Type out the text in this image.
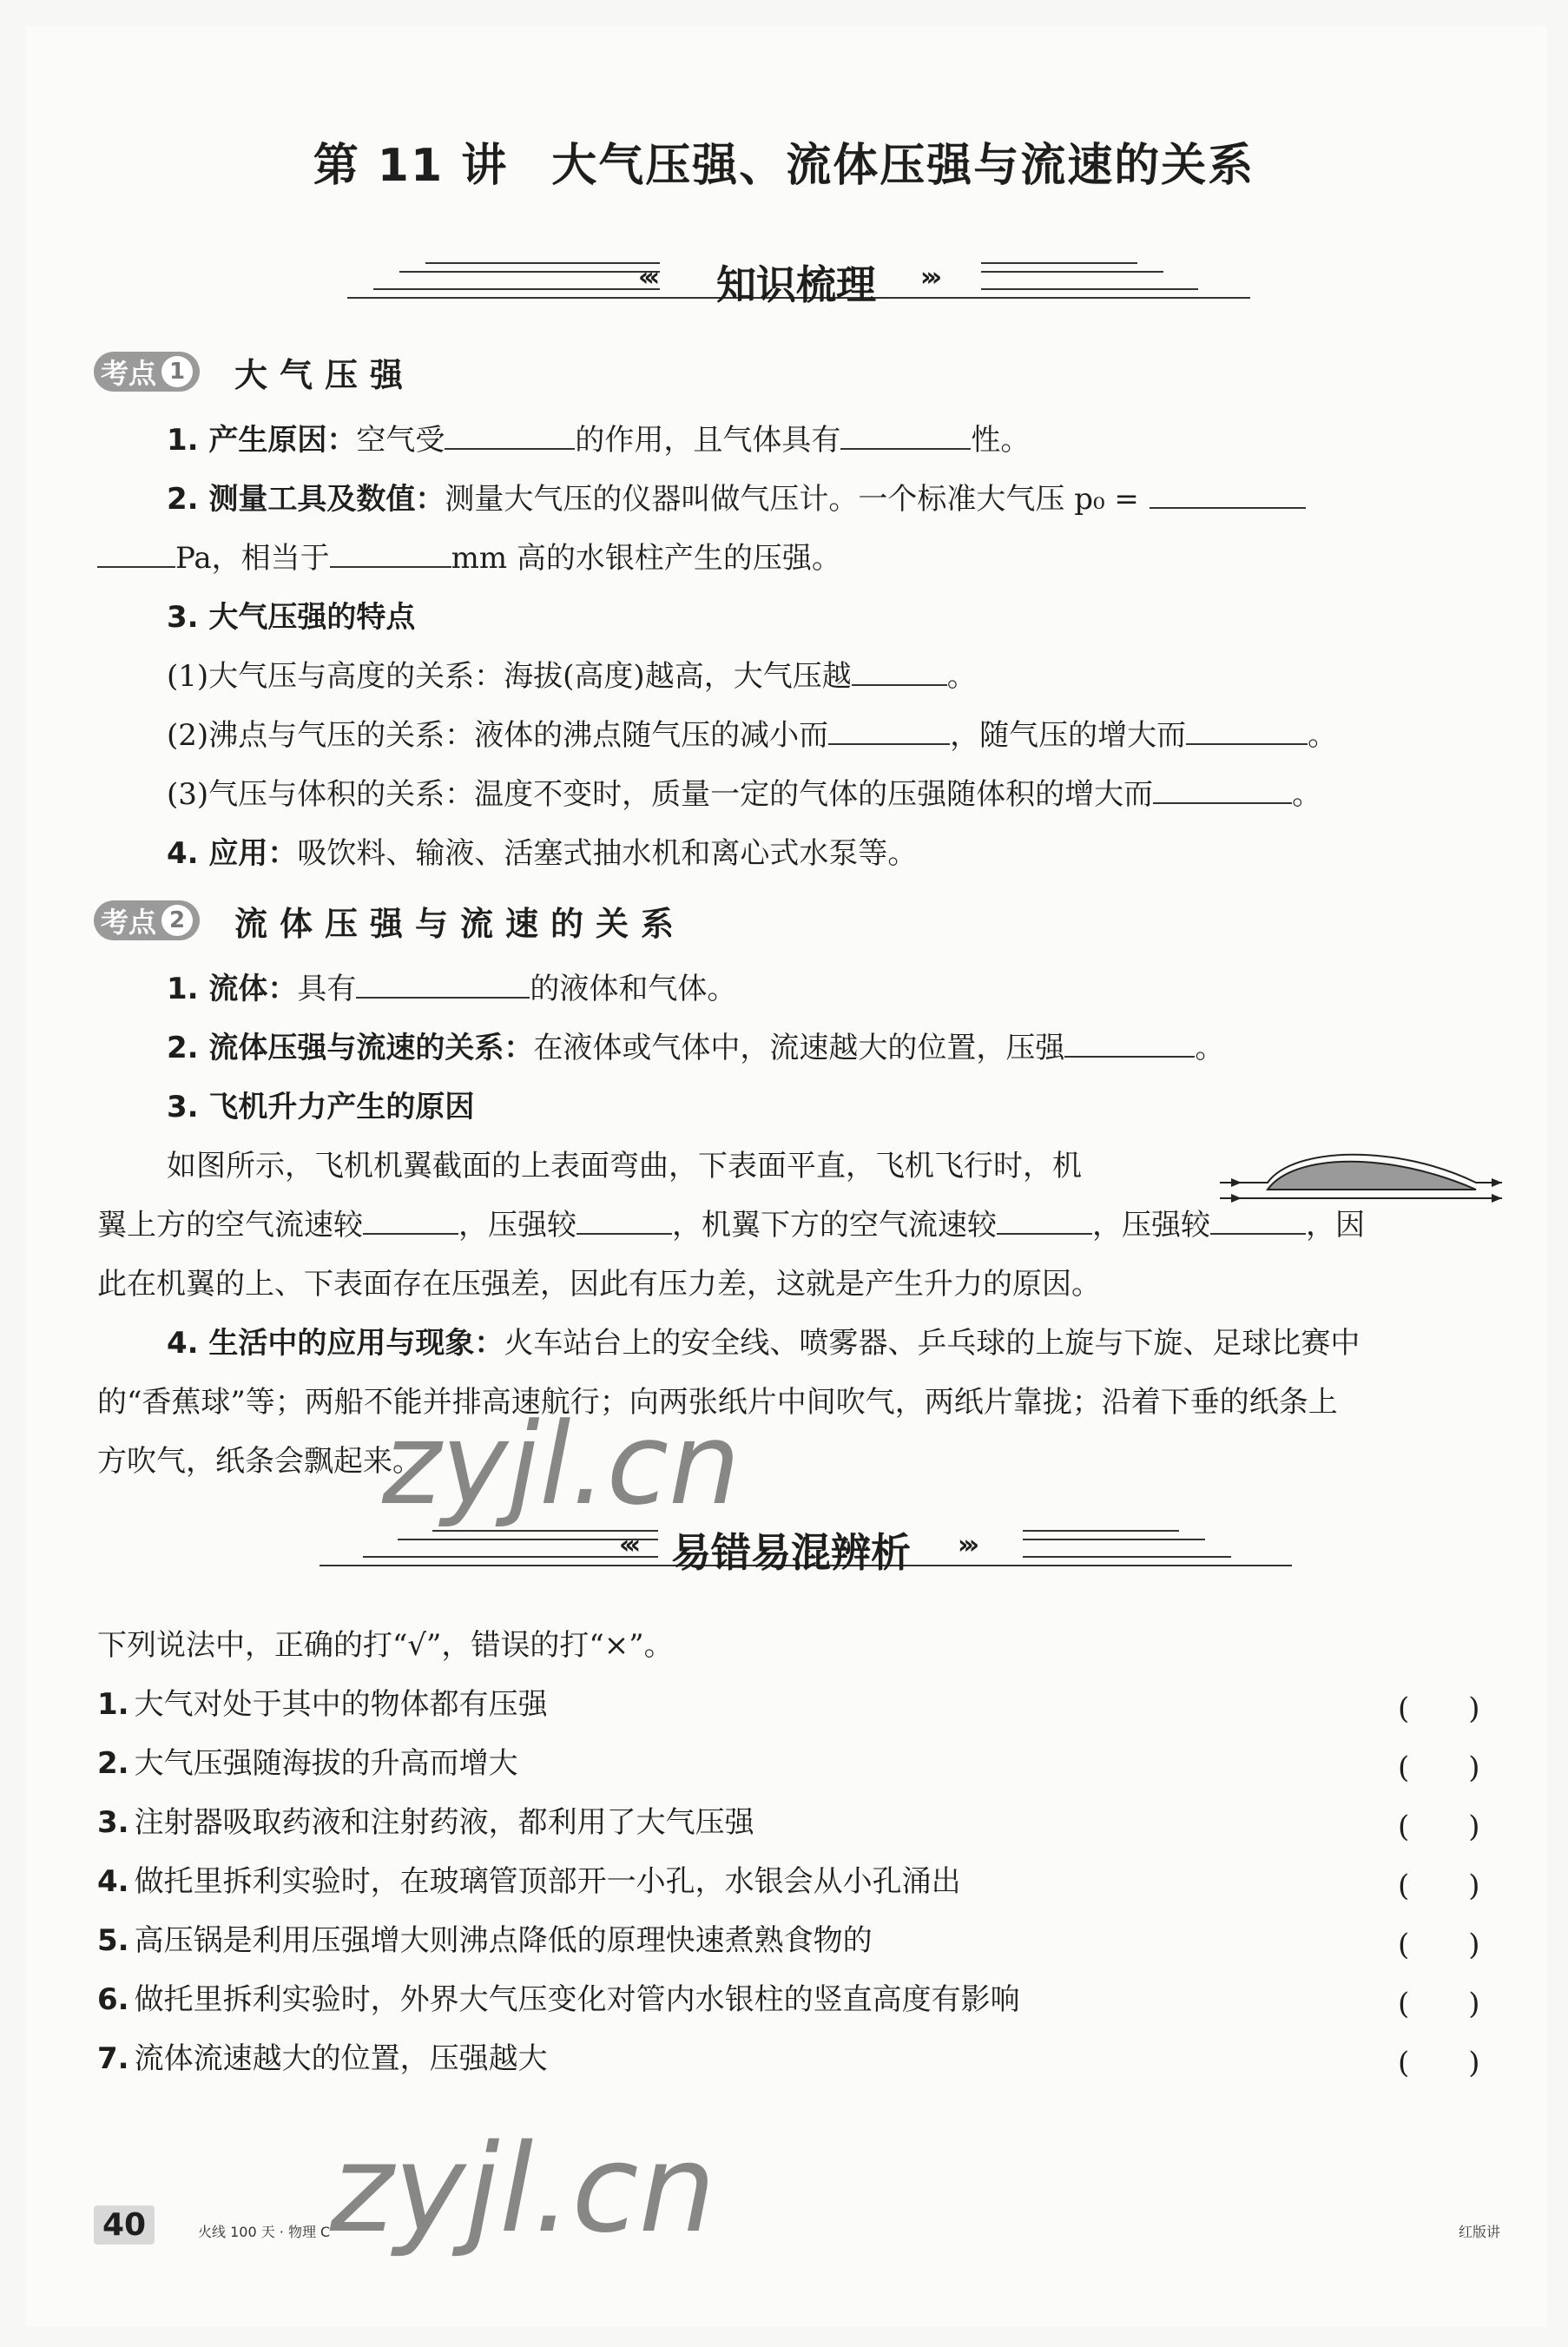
第 11 讲 大气压强、流体压强与流速的关系
‹‹‹ 知识梳理 ›››
考点 1 大气压强
1. 产生原因：空气受	的作用，且气体具有	性。
2. 测量工具及数值：测量大气压的仪器叫做气压计。一个标准大气压 p₀ =
Pa，相当于	mm 高的水银柱产生的压强。
3. 大气压强的特点
(1)大气压与高度的关系：海拔(高度)越高，大气压越	。
(2)沸点与气压的关系：液体的沸点随气压的减小而	，随气压的增大而	。
(3)气压与体积的关系：温度不变时，质量一定的气体的压强随体积的增大而	。
4. 应用：吸饮料、输液、活塞式抽水机和离心式水泵等。
考点 2 流体压强与流速的关系
1. 流体：具有	的液体和气体。
2. 流体压强与流速的关系：在液体或气体中，流速越大的位置，压强	。
3. 飞机升力产生的原因
如图所示，飞机机翼截面的上表面弯曲，下表面平直，飞机飞行时，机
翼上方的空气流速较	，压强较	，机翼下方的空气流速较	，压强较	，因
此在机翼的上、下表面存在压强差，因此有压力差，这就是产生升力的原因。
4. 生活中的应用与现象：火车站台上的安全线、喷雾器、乒乓球的上旋与下旋、足球比赛中
的“香蕉球”等；两船不能并排高速航行；向两张纸片中间吹气，两纸片靠拢；沿着下垂的纸条上
方吹气，纸条会飘起来。
‹‹‹ 易错易混辨析 ›››
下列说法中，正确的打“√”，错误的打“×”。
1. 大气对处于其中的物体都有压强	(　　)
2. 大气压强随海拔的升高而增大	(　　)
3. 注射器吸取药液和注射药液，都利用了大气压强	(　　)
4. 做托里拆利实验时，在玻璃管顶部开一小孔，水银会从小孔涌出	(　　)
5. 高压锅是利用压强增大则沸点降低的原理快速煮熟食物的	(　　)
6. 做托里拆利实验时，外界大气压变化对管内水银柱的竖直高度有影响	(　　)
7. 流体流速越大的位置，压强越大	(　　)
40	火线 100 天 · 物理 C	红版讲
zyjl.cn
zyjl.cn
